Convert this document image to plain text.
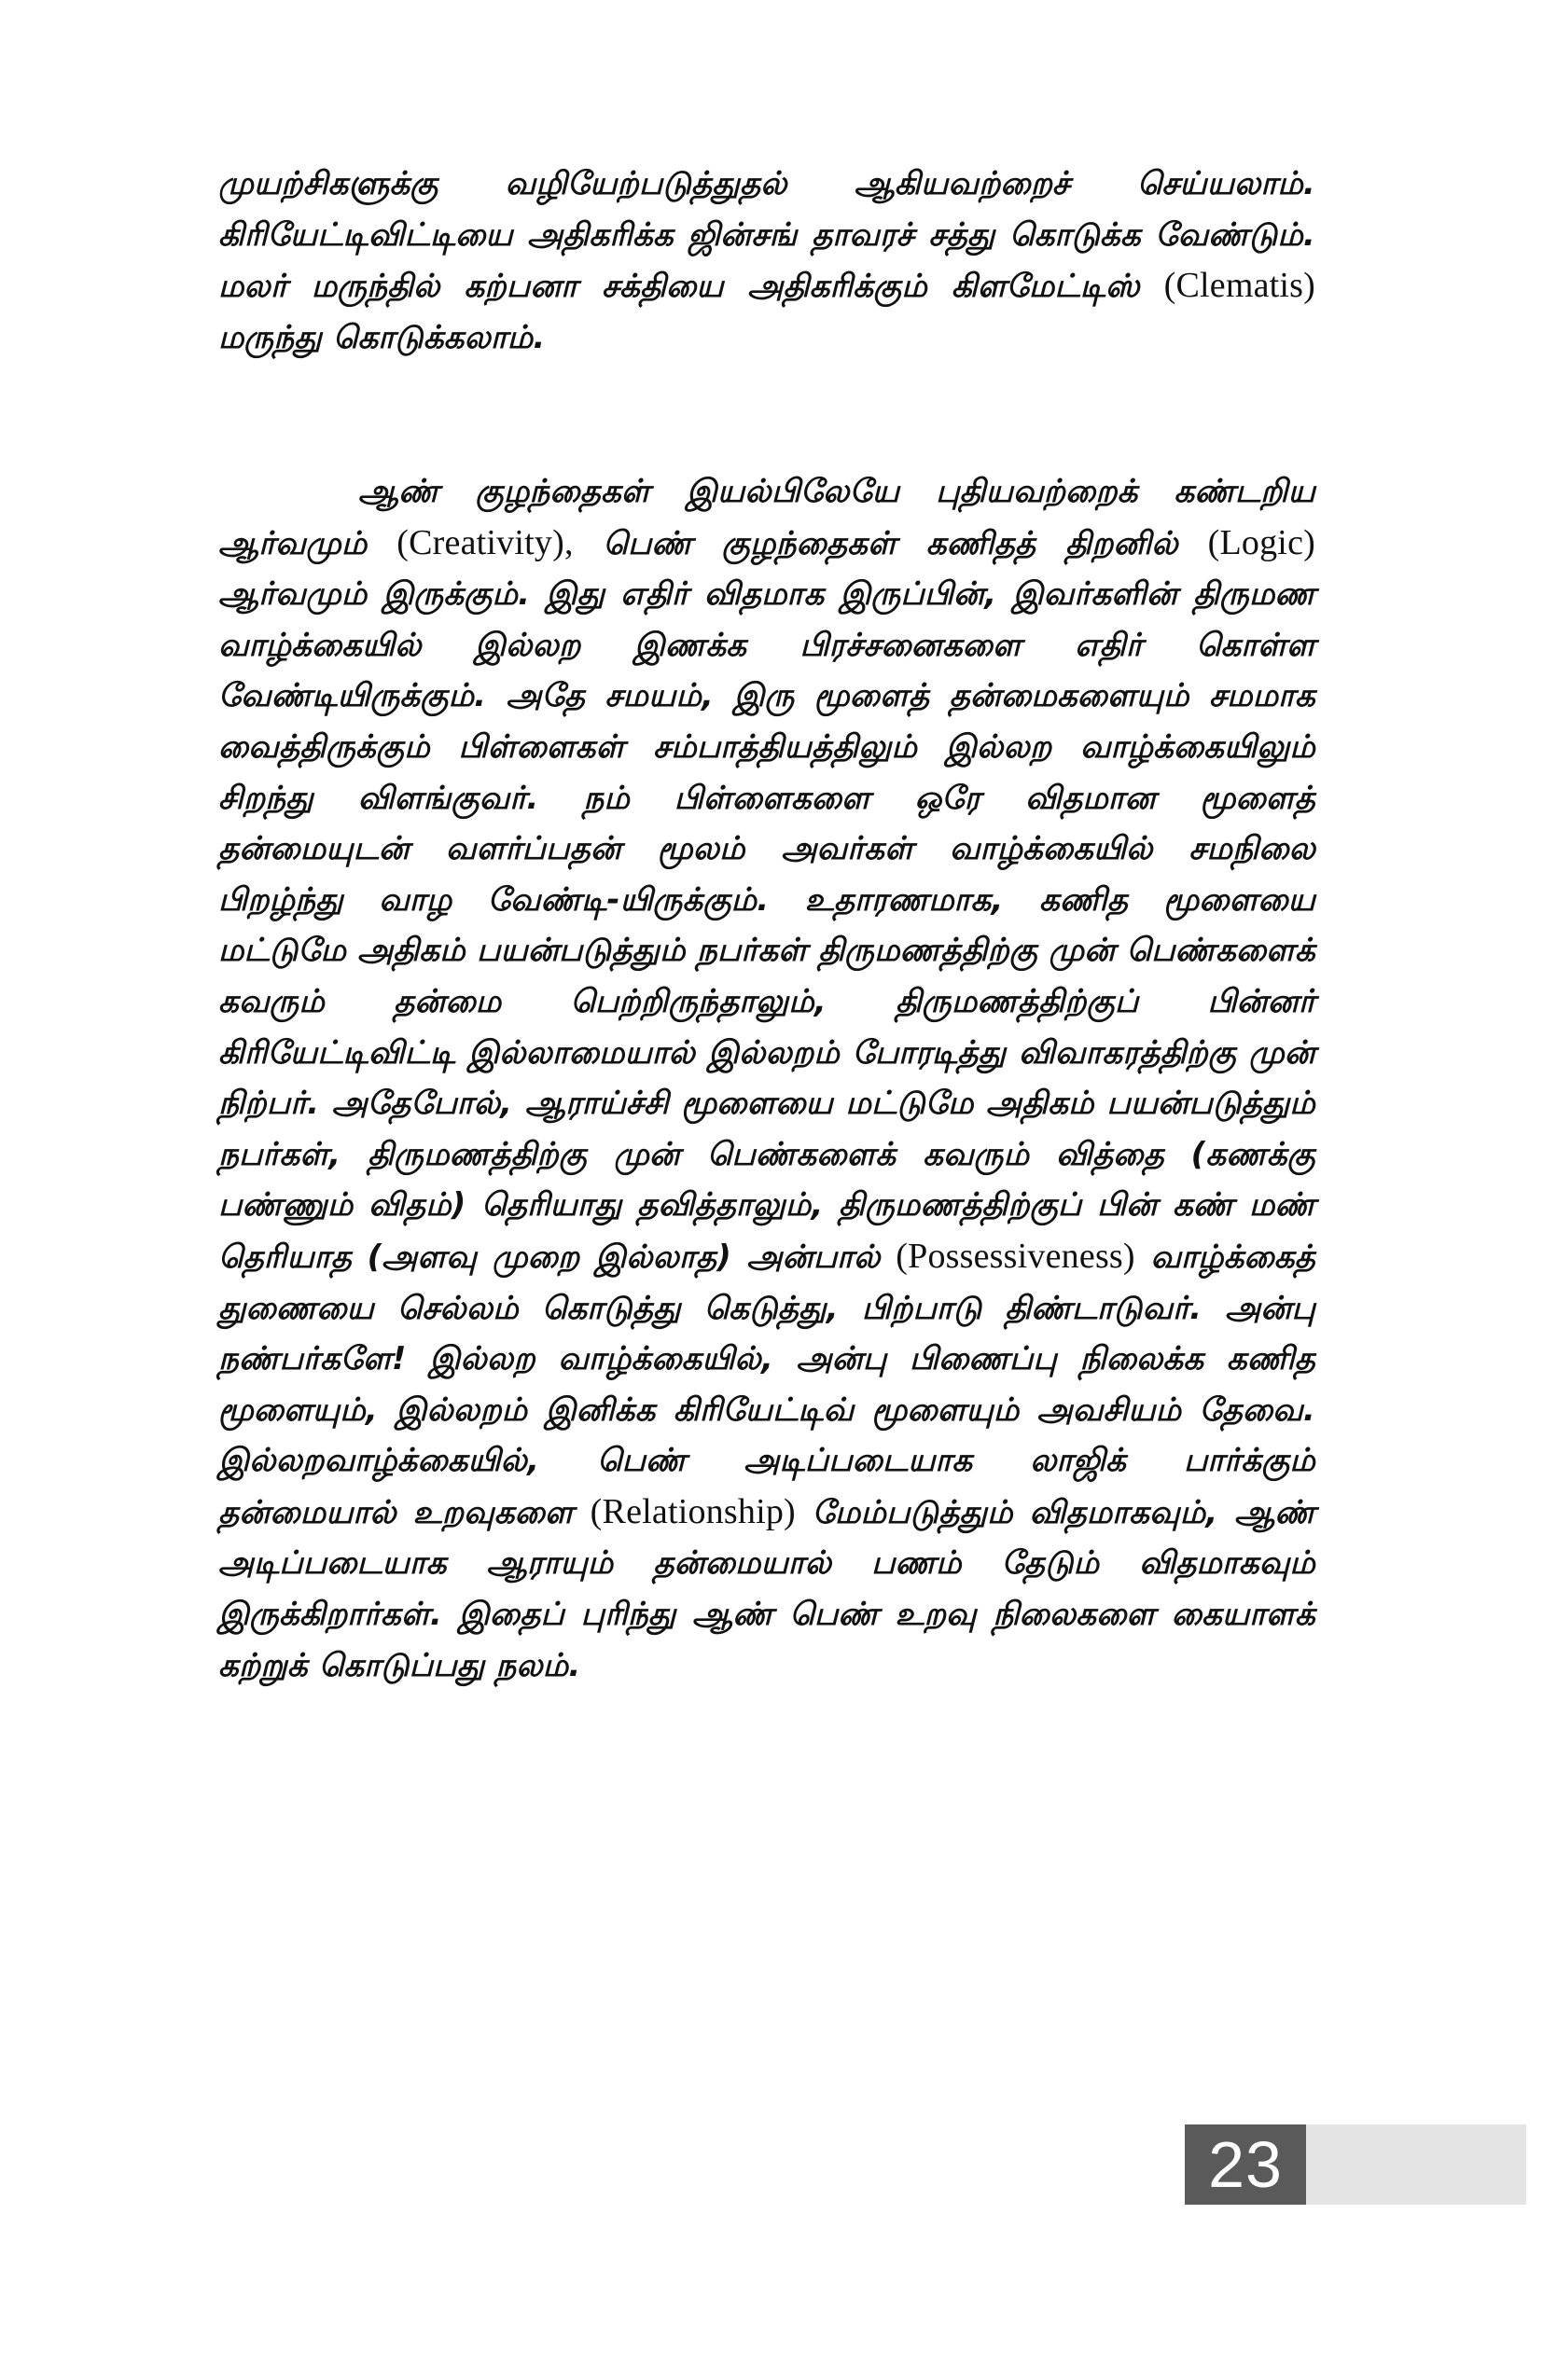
முயற்சிகளுக்கு வழியேற்படுத்துதல் ஆகியவற்றைச் செய்யலாம். கிரியேட்டிவிட்டியை அதிகரிக்க ஜின்சங் தாவரச் சத்து கொடுக்க வேண்டும். மலர் மருந்தில் கற்பனா சக்தியை அதிகரிக்கும் கிளமேட்டிஸ் (Clematis) மருந்து கொடுக்கலாம்.

ஆண் குழந்தைகள் இயல்பிலேயே புதியவற்றைக் கண்டறிய ஆர்வமும் (Creativity), பெண் குழந்தைகள் கணிதத் திறனில் (Logic) ஆர்வமும் இருக்கும். இது எதிர் விதமாக இருப்பின், இவர்களின் திருமண வாழ்க்கையில் இல்லற இணக்க பிரச்சனைகளை எதிர் கொள்ள வேண்டியிருக்கும். அதே சமயம், இரு மூளைத் தன்மைகளையும் சமமாக வைத்திருக்கும் பிள்ளைகள் சம்பாத்தியத்திலும் இல்லற வாழ்க்கையிலும் சிறந்து விளங்குவர். நம் பிள்ளைகளை ஒரே விதமான மூளைத் தன்மையுடன் வளர்ப்பதன் மூலம் அவர்கள் வாழ்க்கையில் சமநிலை பிறழ்ந்து வாழ வேண்டி-யிருக்கும். உதாரணமாக, கணித மூளையை மட்டுமே அதிகம் பயன்படுத்தும் நபர்கள் திருமணத்திற்கு முன் பெண்களைக் கவரும் தன்மை பெற்றிருந்தாலும், திருமணத்திற்குப் பின்னர் கிரியேட்டிவிட்டி இல்லாமையால் இல்லறம் போரடித்து விவாகரத்திற்கு முன் நிற்பர். அதேபோல், ஆராய்ச்சி மூளையை மட்டுமே அதிகம் பயன்படுத்தும் நபர்கள், திருமணத்திற்கு முன் பெண்களைக் கவரும் வித்தை (கணக்கு பண்ணும் விதம்) தெரியாது தவித்தாலும், திருமணத்திற்குப் பின் கண் மண் தெரியாத (அளவு முறை இல்லாத) அன்பால் (Possessiveness) வாழ்க்கைத் துணையை செல்லம் கொடுத்து கெடுத்து, பிற்பாடு திண்டாடுவர். அன்பு நண்பர்களே! இல்லற வாழ்க்கையில், அன்பு பிணைப்பு நிலைக்க கணித மூளையும், இல்லறம் இனிக்க கிரியேட்டிவ் மூளையும் அவசியம் தேவை. இல்லறவாழ்க்கையில், பெண் அடிப்படையாக லாஜிக் பார்க்கும் தன்மையால் உறவுகளை (Relationship) மேம்படுத்தும் விதமாகவும், ஆண் அடிப்படையாக ஆராயும் தன்மையால் பணம் தேடும் விதமாகவும் இருக்கிறார்கள். இதைப் புரிந்து ஆண் பெண் உறவு நிலைகளை கையாளக் கற்றுக் கொடுப்பது நலம்.

23
